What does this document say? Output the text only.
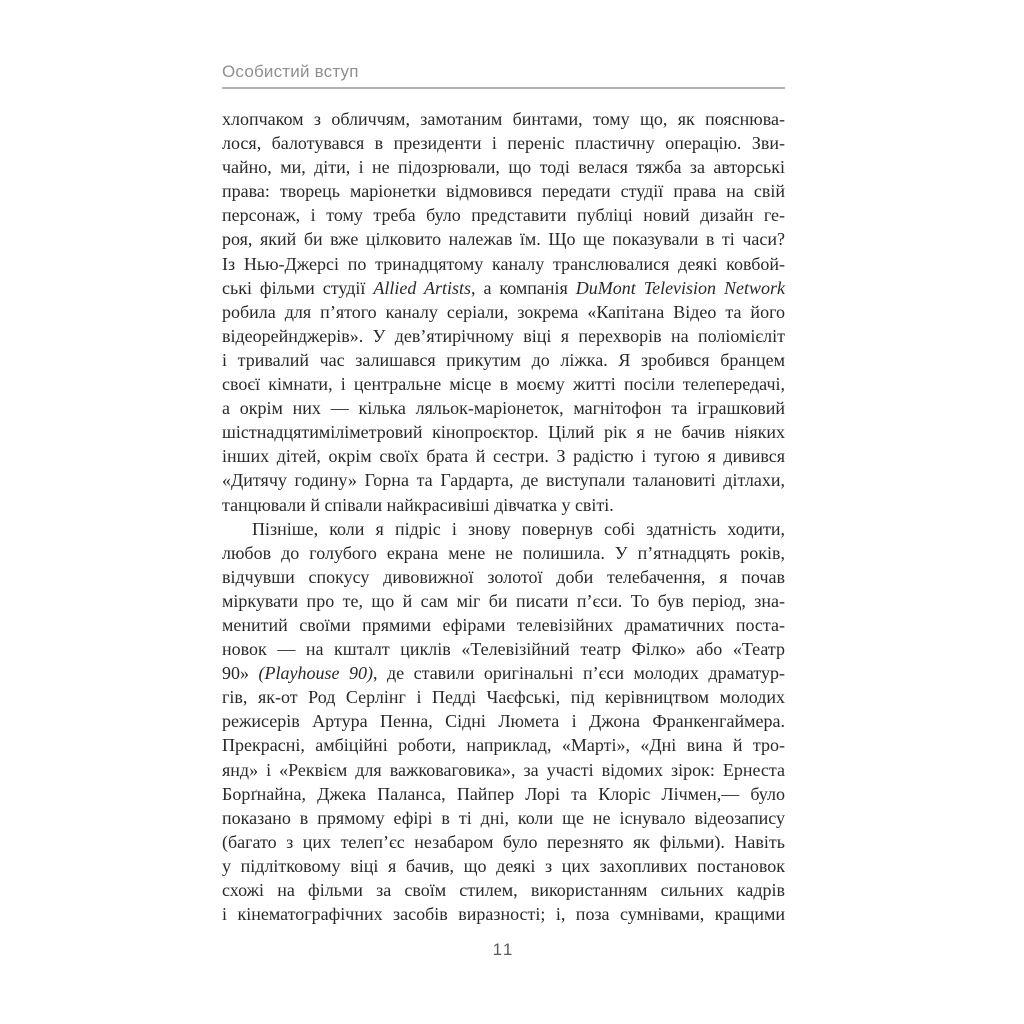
Особистий вступ
хлопчаком з обличчям, замотаним бинтами, тому що, як пояснюва-
лося, балотувався в президенти і переніс пластичну операцію. Зви-
чайно, ми, діти, і не підозрювали, що тоді велася тяжба за авторські
права: творець маріонетки відмовився передати студії права на свій
персонаж, і тому треба було представити публіці новий дизайн ге-
роя, який би вже цілковито належав їм. Що ще показували в ті часи?
Із Нью-Джерсі по тринадцятому каналу транслювалися деякі ковбой-
ські фільми студії Allied Artists, а компанія DuMont Television Network
робила для п’ятого каналу серіали, зокрема «Капітана Відео та його
відеорейнджерів». У дев’ятирічному віці я перехворів на поліомієліт
і тривалий час залишався прикутим до ліжка. Я зробився бранцем
своєї кімнати, і центральне місце в моєму житті посіли телепередачі,
а окрім них — кілька ляльок-маріонеток, магнітофон та іграшковий
шістнадцятиміліметровий кінопроєктор. Цілий рік я не бачив ніяких
інших дітей, окрім своїх брата й сестри. З радістю і тугою я дивився
«Дитячу годину» Горна та Гардарта, де виступали талановиті дітлахи,
танцювали й співали найкрасивіші дівчатка у світі.
Пізніше, коли я підріс і знову повернув собі здатність ходити,
любов до голубого екрана мене не полишила. У п’ятнадцять років,
відчувши спокусу дивовижної золотої доби телебачення, я почав
міркувати про те, що й сам міг би писати п’єси. То був період, зна-
менитий своїми прямими ефірами телевізійних драматичних поста-
новок — на кшталт циклів «Телевізійний театр Філко» або «Театр
90» (Playhouse 90), де ставили оригінальні п’єси молодих драматур-
гів, як-от Род Серлінг і Педді Чаєфські, під керівництвом молодих
режисерів Артура Пенна, Сідні Люмета і Джона Франкенгаймера.
Прекрасні, амбіційні роботи, наприклад, «Марті», «Дні вина й тро-
янд» і «Реквієм для важковаговика», за участі відомих зірок: Ернеста
Борґнайна, Джека Паланса, Пайпер Лорі та Клоріс Лічмен,— було
показано в прямому ефірі в ті дні, коли ще не існувало відеозапису
(багато з цих телеп’єс незабаром було перезнято як фільми). Навіть
у підлітковому віці я бачив, що деякі з цих захопливих постановок
схожі на фільми за своїм стилем, використанням сильних кадрів
і кінематографічних засобів виразності; і, поза сумнівами, кращими
11
